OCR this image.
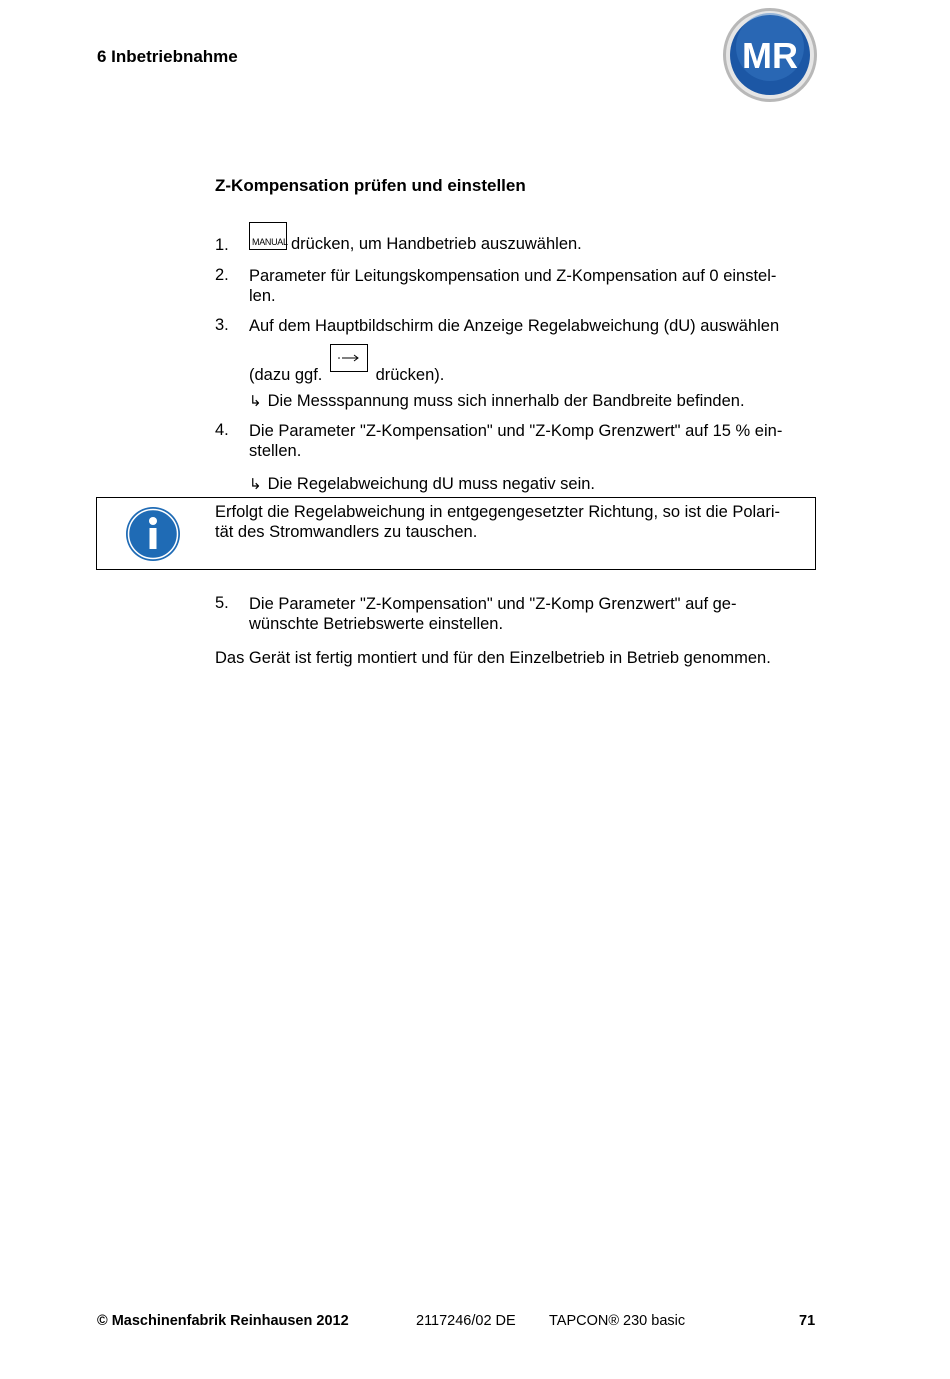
6 Inbetriebnahme	MR
Z-Kompensation prüfen und einstellen
1.	MANUAL drücken, um Handbetrieb auszuwählen.
2. Parameter für Leitungskompensation und Z-Kompensation auf 0 einstel-
len.
3. Auf dem Hauptbildschirm die Anzeige Regelabweichung (dU) auswählen
(dazu ggf.	drücken).
↳ Die Messspannung muss sich innerhalb der Bandbreite befinden.
4. Die Parameter "Z-Kompensation" und "Z-Komp Grenzwert" auf 15 % ein-
stellen.
↳ Die Regelabweichung dU muss negativ sein.
Erfolgt die Regelabweichung in entgegengesetzter Richtung, so ist die Polari-
tät des Stromwandlers zu tauschen.
5. Die Parameter "Z-Kompensation" und "Z-Komp Grenzwert" auf ge-
wünschte Betriebswerte einstellen.
Das Gerät ist fertig montiert und für den Einzelbetrieb in Betrieb genommen.
© Maschinenfabrik Reinhausen 2012	2117246/02 DE TAPCON® 230 basic	71
